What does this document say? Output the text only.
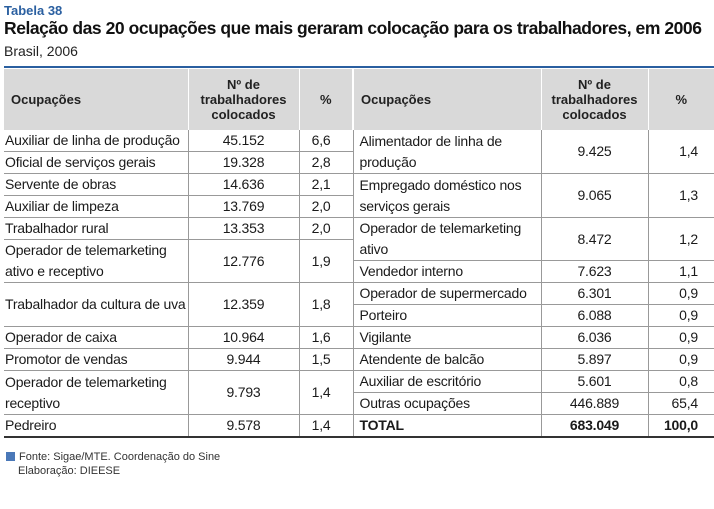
Tabela 38
Relação das 20 ocupações que mais geraram colocação para os trabalhadores, em 2006
Brasil, 2006
Ocupações	Nº de trabalhadores colocados	%	Ocupações	Nº de trabalhadores colocados	%
Auxiliar de linha de produção	45.152	6,6	Alimentador de linha de produção	9.425	1,4
Oficial de serviços gerais	19.328	2,8			
Servente de obras	14.636	2,1	Empregado doméstico nos serviços gerais	9.065	1,3
Auxiliar de limpeza	13.769	2,0			
Trabalhador rural	13.353	2,0	Operador de telemarketing ativo	8.472	1,2
Operador de telemarketing ativo e receptivo	12.776	1,9			
			Vendedor interno	7.623	1,1
Trabalhador da cultura de uva	12.359	1,8	Operador de supermercado	6.301	0,9
			Porteiro	6.088	0,9
Operador de caixa	10.964	1,6	Vigilante	6.036	0,9
Promotor de vendas	9.944	1,5	Atendente de balcão	5.897	0,9
Operador de telemarketing receptivo	9.793	1,4	Auxiliar de escritório	5.601	0,8
			Outras ocupações	446.889	65,4
Pedreiro	9.578	1,4	TOTAL	683.049	100,0
Fonte: Sigae/MTE. Coordenação do Sine
Elaboração: DIEESE
